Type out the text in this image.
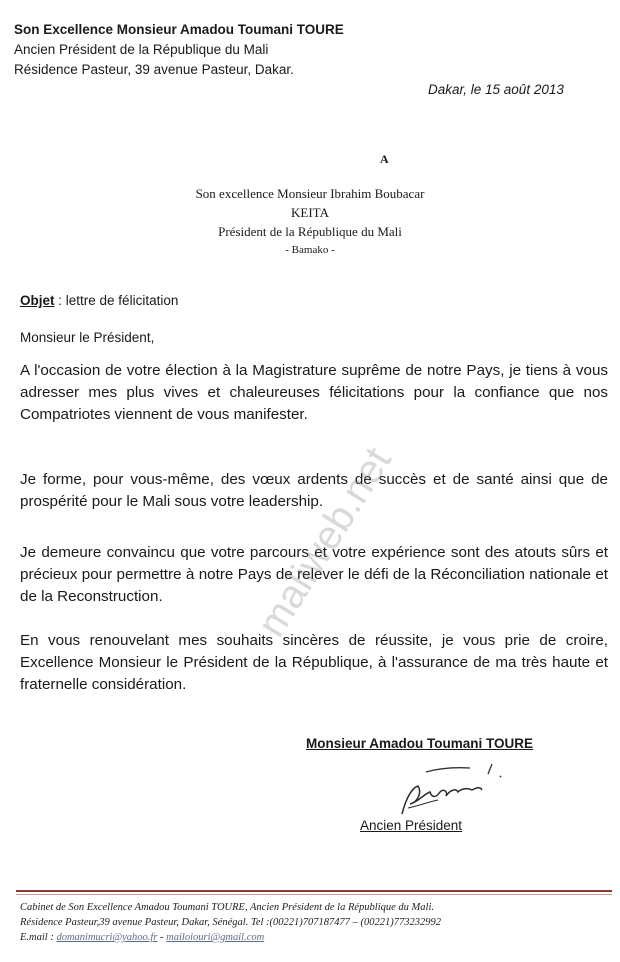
Son Excellence Monsieur Amadou Toumani TOURE
Ancien Président de la République du Mali
Résidence Pasteur, 39 avenue Pasteur, Dakar.
Dakar, le 15 août 2013
A
Son excellence Monsieur Ibrahim Boubacar KEITA
Président de la République du Mali
- Bamako -
Objet : lettre de félicitation
Monsieur le Président,
A l'occasion de votre élection à la Magistrature suprême de notre Pays, je tiens à vous adresser mes plus vives et chaleureuses félicitations pour la confiance que nos Compatriotes viennent de vous manifester.
Je forme, pour vous-même, des vœux ardents de succès et de santé ainsi que de prospérité pour le Mali sous votre leadership.
Je demeure convaincu que votre parcours et votre expérience sont des atouts sûrs et précieux pour permettre à notre Pays de relever le défi de la Réconciliation nationale et de la Reconstruction.
En vous renouvelant mes souhaits sincères de réussite, je vous prie de croire, Excellence Monsieur le Président de la République, à l'assurance de ma très haute et fraternelle considération.
Monsieur Amadou Toumani TOURE
Ancien Président
Cabinet de Son Excellence Amadou Toumani TOURE, Ancien Président de la République du Mali.
Résidence Pasteur,39 avenue Pasteur, Dakar, Sénégal. Tel :(00221)707187477 – (00221)773232992
E.mail : domanimucri@yahoo.fr - mailoiouri@gmail.com
maliweb.net
